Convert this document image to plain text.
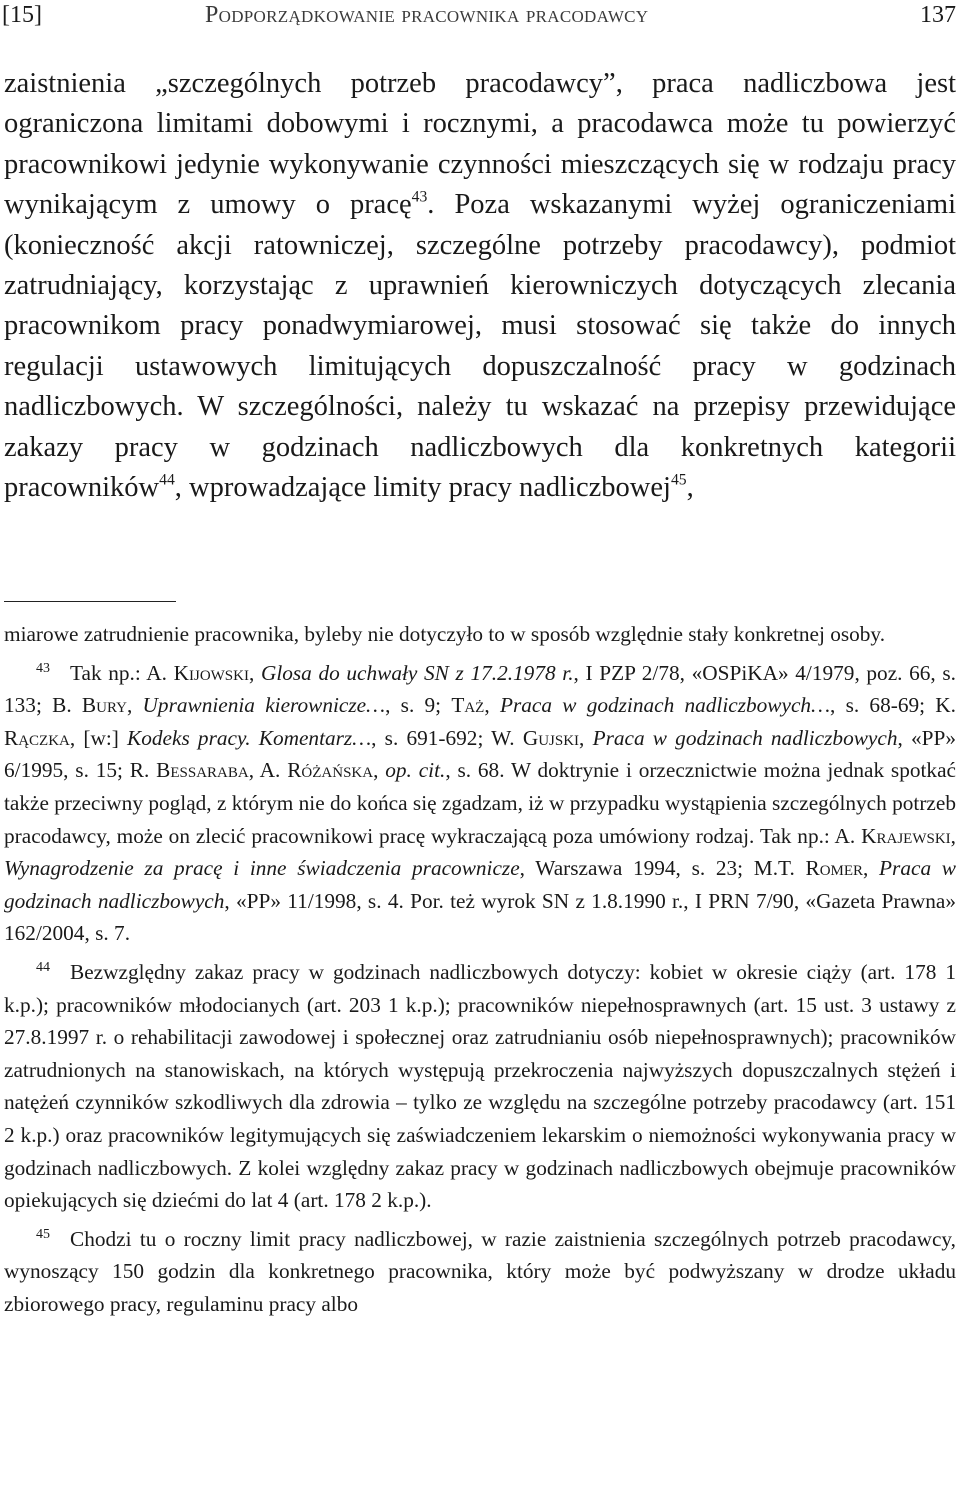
[15]	Podporządkowanie pracownika pracodawcy	137

zaistnienia „szczególnych potrzeb pracodawcy”, praca nadliczbowa jest ograniczona limitami dobowymi i rocznymi, a pracodawca może tu powierzyć pracownikowi jedynie wykonywanie czynności mieszczących się w rodzaju pracy wynikającym z umowy o pracę$^{43}$. Poza wskazanymi wyżej ograniczeniami (konieczność akcji ratowniczej, szczególne potrzeby pracodawcy), podmiot zatrudniający, korzystając z uprawnień kierowniczych dotyczących zlecania pracownikom pracy ponadwymiarowej, musi stosować się także do innych regulacji ustawowych limitujących dopuszczalność pracy w godzinach nadliczbowych. W szczególności, należy tu wskazać na przepisy przewidujące zakazy pracy w godzinach nadliczbowych dla konkretnych kategorii pracowników$^{44}$, wprowadzające limity pracy nadliczbowej$^{45}$,

miarowe zatrudnienie pracownika, byleby nie dotyczyło to w sposób względnie stały konkretnej osoby.

43 Tak np.: A. Kijowski, Glosa do uchwały SN z 17.2.1978 r., I PZP 2/78, «OSPiKA» 4/1979, poz. 66, s. 133; B. Bury, Uprawnienia kierownicze…, s. 9; Taż, Praca w godzinach nadliczbowych…, s. 68-69; K. Rączka, [w:] Kodeks pracy. Komentarz…, s. 691-692; W. Gujski, Praca w godzinach nadliczbowych, «PP» 6/1995, s. 15; R. Bessaraba, A. Różańska, op. cit., s. 68. W doktrynie i orzecznictwie można jednak spotkać także przeciwny pogląd, z którym nie do końca się zgadzam, iż w przypadku wystąpienia szczególnych potrzeb pracodawcy, może on zlecić pracownikowi pracę wykraczającą poza umówiony rodzaj. Tak np.: A. Krajewski, Wynagrodzenie za pracę i inne świadczenia pracownicze, Warszawa 1994, s. 23; M.T. Romer, Praca w godzinach nadliczbowych, «PP» 11/1998, s. 4. Por. też wyrok SN z 1.8.1990 r., I PRN 7/90, «Gazeta Prawna» 162/2004, s. 7.

44 Bezwzględny zakaz pracy w godzinach nadliczbowych dotyczy: kobiet w okresie ciąży (art. 178 1 k.p.); pracowników młodocianych (art. 203 1 k.p.); pracowników niepełnosprawnych (art. 15 ust. 3 ustawy z 27.8.1997 r. o rehabilitacji zawodowej i społecznej oraz zatrudnianiu osób niepełnosprawnych); pracowników zatrudnionych na stanowiskach, na których występują przekroczenia najwyższych dopuszczalnych stężeń i natężeń czynników szkodliwych dla zdrowia – tylko ze względu na szczególne potrzeby pracodawcy (art. 151 2 k.p.) oraz pracowników legitymujących się zaświadczeniem lekarskim o niemożności wykonywania pracy w godzinach nadliczbowych. Z kolei względny zakaz pracy w godzinach nadliczbowych obejmuje pracowników opiekujących się dziećmi do lat 4 (art. 178 2 k.p.).

45 Chodzi tu o roczny limit pracy nadliczbowej, w razie zaistnienia szczególnych potrzeb pracodawcy, wynoszący 150 godzin dla konkretnego pracownika, który może być podwyższany w drodze układu zbiorowego pracy, regulaminu pracy albo
